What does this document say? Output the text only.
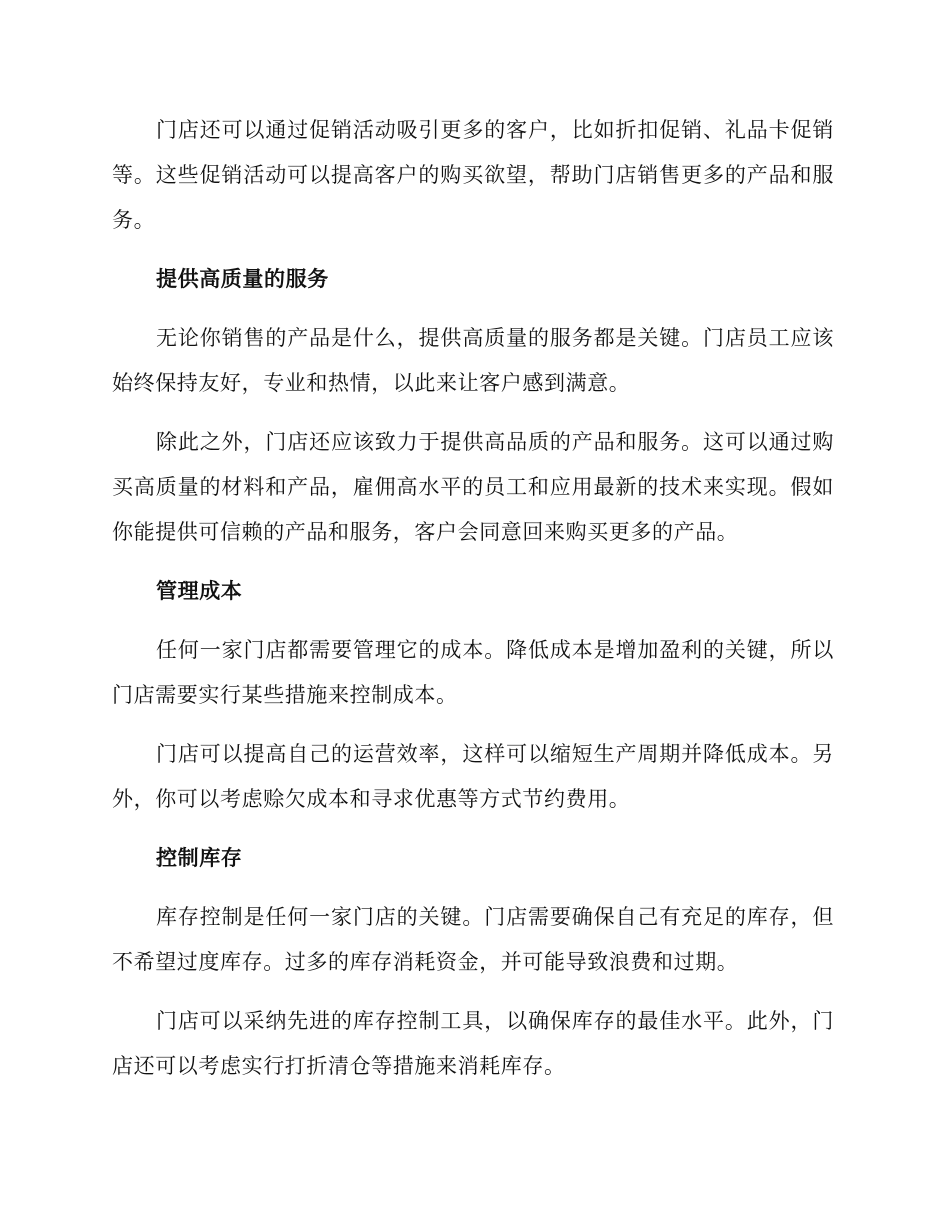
门店还可以通过促销活动吸引更多的客户，比如折扣促销、礼品卡促销等。这些促销活动可以提高客户的购买欲望，帮助门店销售更多的产品和服务。

提供高质量的服务

无论你销售的产品是什么，提供高质量的服务都是关键。门店员工应该始终保持友好，专业和热情，以此来让客户感到满意。

除此之外，门店还应该致力于提供高品质的产品和服务。这可以通过购买高质量的材料和产品，雇佣高水平的员工和应用最新的技术来实现。假如你能提供可信赖的产品和服务，客户会同意回来购买更多的产品。

管理成本

任何一家门店都需要管理它的成本。降低成本是增加盈利的关键，所以门店需要实行某些措施来控制成本。

门店可以提高自己的运营效率，这样可以缩短生产周期并降低成本。另外，你可以考虑赊欠成本和寻求优惠等方式节约费用。

控制库存

库存控制是任何一家门店的关键。门店需要确保自己有充足的库存，但不希望过度库存。过多的库存消耗资金，并可能导致浪费和过期。

门店可以采纳先进的库存控制工具，以确保库存的最佳水平。此外，门店还可以考虑实行打折清仓等措施来消耗库存。
